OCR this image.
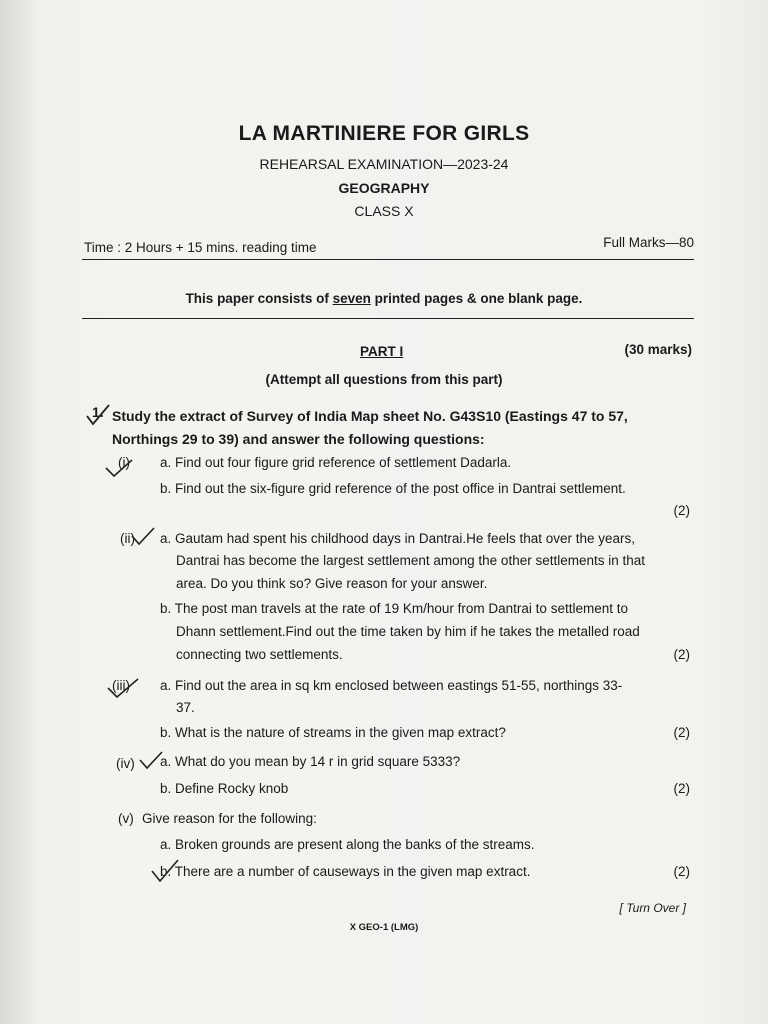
LA MARTINIERE FOR GIRLS
REHEARSAL EXAMINATION—2023-24
GEOGRAPHY
CLASS X
Time : 2 Hours + 15 mins. reading time	Full Marks—80
This paper consists of seven printed pages & one blank page.
PART I	(30 marks)
(Attempt all questions from this part)
1. Study the extract of Survey of India Map sheet No. G43S10 (Eastings 47 to 57, Northings 29 to 39) and answer the following questions:
(i) a. Find out four figure grid reference of settlement Dadarla.
b. Find out the six-figure grid reference of the post office in Dantrai settlement.
(2)
(ii) a. Gautam had spent his childhood days in Dantrai.He feels that over the years,
Dantrai has become the largest settlement among the other settlements in that
area. Do you think so? Give reason for your answer.
b. The post man travels at the rate of 19 Km/hour from Dantrai to settlement to
Dhann settlement.Find out the time taken by him if he takes the metalled road
connecting two settlements.	(2)
(iii) a. Find out the area in sq km enclosed between eastings 51-55, northings 33-
37.
b. What is the nature of streams in the given map extract?	(2)
(iv) a. What do you mean by 14 r in grid square 5333?
b. Define Rocky knob	(2)
(v) Give reason for the following:
a. Broken grounds are present along the banks of the streams.
b. There are a number of causeways in the given map extract.	(2)
[ Turn Over ]
X GEO-1 (LMG)
